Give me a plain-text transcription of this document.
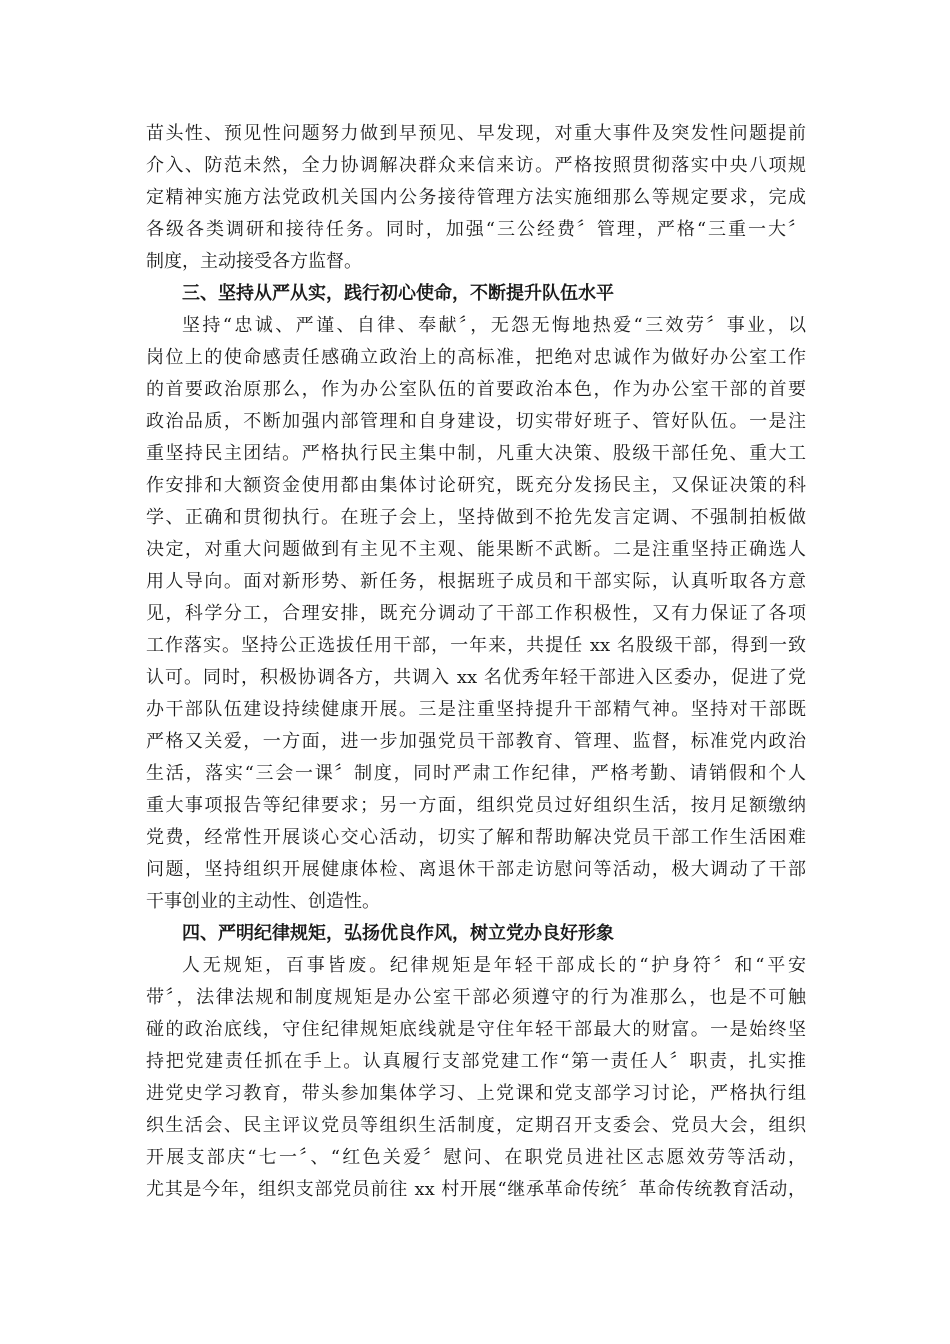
苗头性、预见性问题努力做到早预见、早发现，对重大事件及突发性问题提前
介入、防范未然，全力协调解决群众来信来访。严格按照贯彻落实中央八项规
定精神实施方法党政机关国内公务接待管理方法实施细那么等规定要求，完成
各级各类调研和接待任务。同时，加强“三公经费〞管理，严格“三重一大〞
制度，主动接受各方监督。
三、坚持从严从实，践行初心使命，不断提升队伍水平
坚持“忠诚、严谨、自律、奉献〞，无怨无悔地热爱“三效劳〞事业，以
岗位上的使命感责任感确立政治上的高标准，把绝对忠诚作为做好办公室工作
的首要政治原那么，作为办公室队伍的首要政治本色，作为办公室干部的首要
政治品质，不断加强内部管理和自身建设，切实带好班子、管好队伍。一是注
重坚持民主团结。严格执行民主集中制，凡重大决策、股级干部任免、重大工
作安排和大额资金使用都由集体讨论研究，既充分发扬民主，又保证决策的科
学、正确和贯彻执行。在班子会上，坚持做到不抢先发言定调、不强制拍板做
决定，对重大问题做到有主见不主观、能果断不武断。二是注重坚持正确选人
用人导向。面对新形势、新任务，根据班子成员和干部实际，认真听取各方意
见，科学分工，合理安排，既充分调动了干部工作积极性，又有力保证了各项
工作落实。坚持公正选拔任用干部，一年来，共提任 xx 名股级干部，得到一致
认可。同时，积极协调各方，共调入 xx 名优秀年轻干部进入区委办，促进了党
办干部队伍建设持续健康开展。三是注重坚持提升干部精气神。坚持对干部既
严格又关爱，一方面，进一步加强党员干部教育、管理、监督，标准党内政治
生活，落实“三会一课〞制度，同时严肃工作纪律，严格考勤、请销假和个人
重大事项报告等纪律要求；另一方面，组织党员过好组织生活，按月足额缴纳
党费，经常性开展谈心交心活动，切实了解和帮助解决党员干部工作生活困难
问题，坚持组织开展健康体检、离退休干部走访慰问等活动，极大调动了干部
干事创业的主动性、创造性。
四、严明纪律规矩，弘扬优良作风，树立党办良好形象
人无规矩，百事皆废。纪律规矩是年轻干部成长的“护身符〞和“平安
带〞，法律法规和制度规矩是办公室干部必须遵守的行为准那么，也是不可触
碰的政治底线，守住纪律规矩底线就是守住年轻干部最大的财富。一是始终坚
持把党建责任抓在手上。认真履行支部党建工作“第一责任人〞职责，扎实推
进党史学习教育，带头参加集体学习、上党课和党支部学习讨论，严格执行组
织生活会、民主评议党员等组织生活制度，定期召开支委会、党员大会，组织
开展支部庆“七一〞、“红色关爱〞慰问、在职党员进社区志愿效劳等活动，
尤其是今年，组织支部党员前往 xx 村开展“继承革命传统〞革命传统教育活动，
